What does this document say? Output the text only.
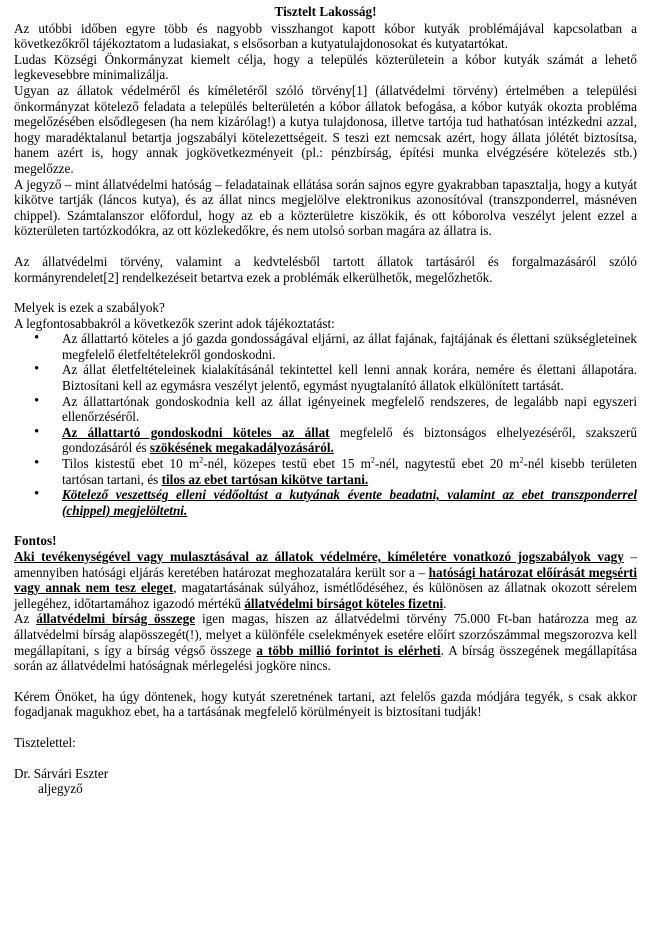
Tisztelt Lakosság!

Az utóbbi időben egyre több és nagyobb visszhangot kapott kóbor kutyák problémájával kapcsolatban a következőkről tájékoztatom a ludasiakat, s elsősorban a kutyatulajdonosokat és kutyatartókat.

Ludas Községi Önkormányzat kiemelt célja, hogy a település közterületein a kóbor kutyák számát a lehető legkevesebbre minimalizálja.

Ugyan az állatok védelméről és kíméletéről szóló törvény[1] (állatvédelmi törvény) értelmében a települési önkormányzat kötelező feladata a település belterületén a kóbor állatok befogása, a kóbor kutyák okozta probléma megelőzésében elsődlegesen (ha nem kizárólag!) a kutya tulajdonosa, illetve tartója tud hathatósan intézkedni azzal, hogy maradéktalanul betartja jogszabályi kötelezettségeit. S teszi ezt nemcsak azért, hogy állata jólétét biztosítsa, hanem azért is, hogy annak jogkövetkezményeit (pl.: pénzbírság, építési munka elvégzésére kötelezés stb.) megelőzze.

A jegyző – mint állatvédelmi hatóság – feladatainak ellátása során sajnos egyre gyakrabban tapasztalja, hogy a kutyát kikötve tartják (láncos kutya), és az állat nincs megjelölve elektronikus azonosítóval (transzponderrel, másnéven chippel). Számtalanszor előfordul, hogy az eb a közterületre kiszökik, és ott kóborolva veszélyt jelent ezzel a közterületen tartózkodókra, az ott közlekedőkre, és nem utolsó sorban magára az állatra is.

Az állatvédelmi törvény, valamint a kedvtelésből tartott állatok tartásáról és forgalmazásáról szóló kormányrendelet[2] rendelkezéseit betartva ezek a problémák elkerülhetők, megelőzhetők.

Melyek is ezek a szabályok?

A legfontosabbakról a következők szerint adok tájékoztatást:

• Az állattartó köteles a jó gazda gondosságával eljárni, az állat fajának, fajtájának és élettani szükségleteinek megfelelő életfeltételekről gondoskodni.
• Az állat életfeltételeinek kialakításánál tekintettel kell lenni annak korára, nemére és élettani állapotára. Biztosítani kell az egymásra veszélyt jelentő, egymást nyugtalanító állatok elkülönített tartását.
• Az állattartónak gondoskodnia kell az állat igényeinek megfelelő rendszeres, de legalább napi egyszeri ellenőrzéséről.
• Az állattartó gondoskodni köteles az állat megfelelő és biztonságos elhelyezéséről, szakszerű gondozásáról és szökésének megakadályozásáról.
• Tilos kistestű ebet 10 $m^2$-nél, közepes testű ebet 15 $m^2$-nél, nagytestű ebet 20 $m^2$-nél kisebb területen tartósan tartani, és tilos az ebet tartósan kikötve tartani.
• Kötelező veszettség elleni védőoltást a kutyának évente beadatni, valamint az ebet transzponderrel (chippel) megjelöltetni.

Fontos!

Aki tevékenységével vagy mulasztásával az állatok védelmére, kíméletére vonatkozó jogszabályok vagy – amennyiben hatósági eljárás keretében határozat meghozatalára került sor a – hatósági határozat előírását megsérti vagy annak nem tesz eleget, magatartásának súlyához, ismétlődéséhez, és különösen az állatnak okozott sérelem jellegéhez, időtartamához igazodó mértékű állatvédelmi bírságot köteles fizetni.

Az állatvédelmi bírság összege igen magas, hiszen az állatvédelmi törvény 75.000 Ft-ban határozza meg az állatvédelmi bírság alapösszegét(!), melyet a különféle cselekmények esetére előírt szorzószámmal megszorozva kell megállapítani, s így a bírság végső összege a több millió forintot is elérheti. A bírság összegének megállapítása során az állatvédelmi hatóságnak mérlegelési jogköre nincs.

Kérem Önöket, ha úgy döntenek, hogy kutyát szeretnének tartani, azt felelős gazda módjára tegyék, s csak akkor fogadjanak magukhoz ebet, ha a tartásának megfelelő körülményeit is biztosítani tudják!

Tisztelettel:

Dr. Sárvári Eszter

aljegyző
